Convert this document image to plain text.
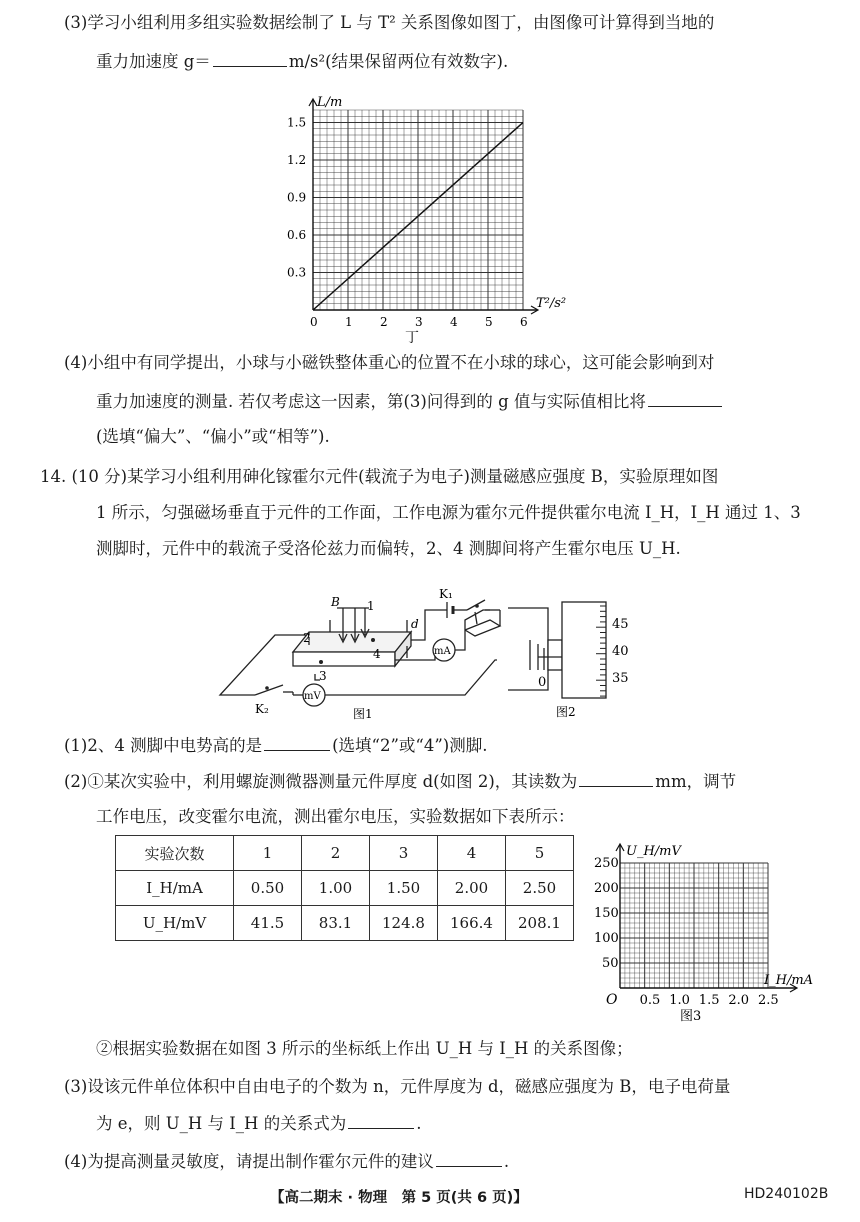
(3)学习小组利用多组实验数据绘制了 L 与 T² 关系图像如图丁，由图像可计算得到当地的
重力加速度 g＝	m/s²(结果保留两位有效数字).
0 1 2 3 4 5 6
0.3
0.6
0.9
1.2
1.5
L/m
T²/s²
丁
(4)小组中有同学提出，小球与小磁铁整体重心的位置不在小球的球心，这可能会影响到对
重力加速度的测量. 若仅考虑这一因素，第(3)问得到的 g 值与实际值相比将
(选填“偏大”、“偏小”或“相等”).
14. (10 分)某学习小组利用砷化镓霍尔元件(载流子为电子)测量磁感应强度 B，实验原理如图
1 所示，匀强磁场垂直于元件的工作面，工作电源为霍尔元件提供霍尔电流 I_H，I_H 通过 1、3
测脚时，元件中的载流子受洛伦兹力而偏转，2、4 测脚间将产生霍尔电压 U_H.
B 1
2
3
4
d
K₁
K₂
mA
mV
图1
0
45
40
35
图2
(1)2、4 测脚中电势高的是	(选填“2”或“4”)测脚.
(2)①某次实验中，利用螺旋测微器测量元件厚度 d(如图 2)，其读数为	mm，调节
工作电压，改变霍尔电流，测出霍尔电压，实验数据如下表所示：
实验次数	1	2	3	4	5
I_H/mA	0.50	1.00	1.50	2.00	2.50
U_H/mV	41.5	83.1	124.8	166.4	208.1
0.5 1.0 1.5 2.0 2.5
250
200
150
100
50
U_H/mV
I_H/mA
O
图3
②根据实验数据在如图 3 所示的坐标纸上作出 U_H 与 I_H 的关系图像；
(3)设该元件单位体积中自由电子的个数为 n，元件厚度为 d，磁感应强度为 B，电子电荷量
为 e，则 U_H 与 I_H 的关系式为	.
(4)为提高测量灵敏度，请提出制作霍尔元件的建议	.
【高二期末 · 物理　第 5 页(共 6 页)】	HD240102B
